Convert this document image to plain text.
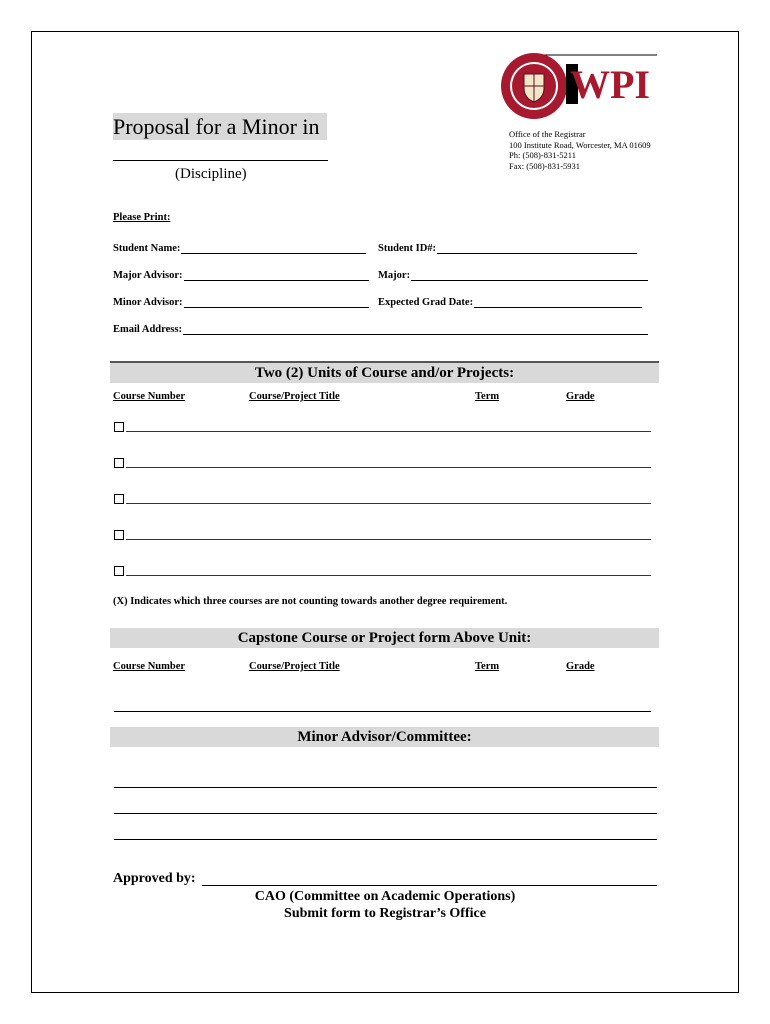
Proposal for a Minor in
(Discipline)
WPI
Office of the Registrar
100 Institute Road, Worcester, MA 01609
Ph: (508)-831-5211
Fax: (508)-831-5931
Please Print:
Student Name:	Student ID#:
Major Advisor:	Major:
Minor Advisor:	Expected Grad Date:
Email Address:
Two (2) Units of Course and/or Projects:
Course Number	Course/Project Title	Term	Grade
(X) Indicates which three courses are not counting towards another degree requirement.
Capstone Course or Project form Above Unit:
Course Number	Course/Project Title	Term	Grade
Minor Advisor/Committee:
Approved by:
CAO (Committee on Academic Operations)
Submit form to Registrar’s Office
